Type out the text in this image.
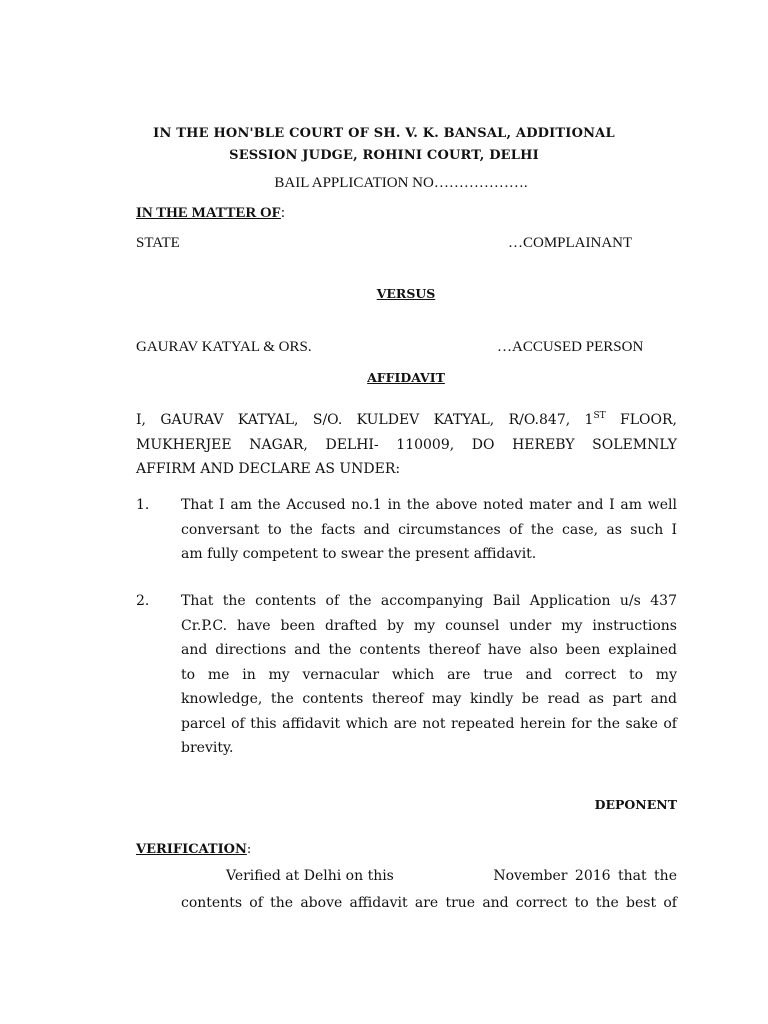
IN THE HON'BLE COURT OF SH. V. K. BANSAL, ADDITIONAL
SESSION JUDGE, ROHINI COURT, DELHI
BAIL APPLICATION NO……………….
IN THE MATTER OF:
STATE	…COMPLAINANT
VERSUS
GAURAV KATYAL & ORS.	…ACCUSED PERSON
AFFIDAVIT
I, GAURAV KATYAL, S/O. KULDEV KATYAL, R/O.847, 1ST FLOOR,
MUKHERJEE NAGAR, DELHI- 110009, DO HEREBY SOLEMNLY
AFFIRM AND DECLARE AS UNDER:
1. That I am the Accused no.1 in the above noted mater and I am well
conversant to the facts and circumstances of the case, as such I
am fully competent to swear the present affidavit.
2. That the contents of the accompanying Bail Application u/s 437
Cr.P.C. have been drafted by my counsel under my instructions
and directions and the contents thereof have also been explained
to me in my vernacular which are true and correct to my
knowledge, the contents thereof may kindly be read as part and
parcel of this affidavit which are not repeated herein for the sake of
brevity.
DEPONENT
VERIFICATION:
Verified at Delhi on this	November 2016 that the
contents of the above affidavit are true and correct to the best of
